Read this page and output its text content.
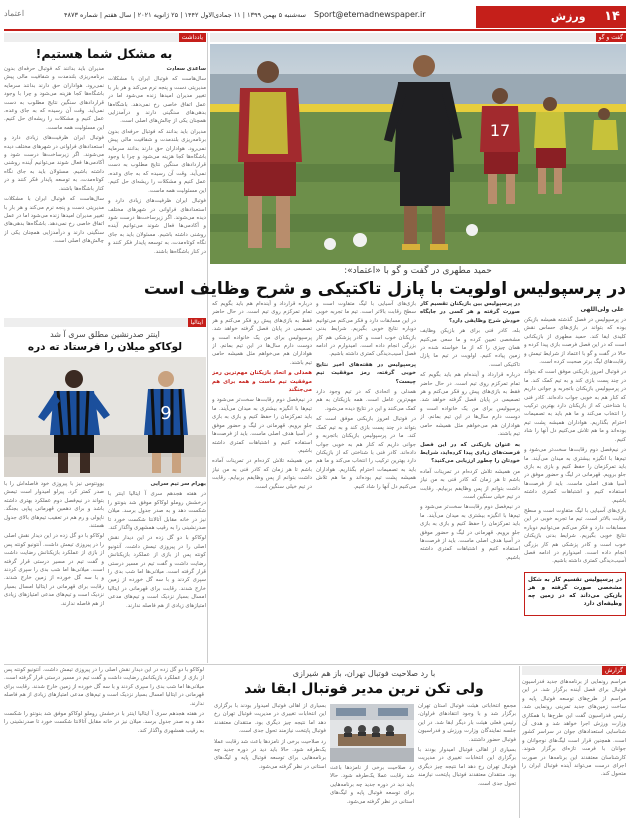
۱۴ ورزش
Sport@etemadnewspaper.ir
سه‌شنبه ۵ بهمن ۱۳۹۹ | ۱۱ جمادی‌الاول ۱۴۴۲ | ۲۵ ژانویه ۲۰۲۱ | سال هفتم | شماره ۴۸۷۳
اعتماد
یادداشت
به مشکل شما هستیم!

ساعدی سعادت

سال‌هاست که فوتبال ایران با مشکلات مدیریتی دست و پنجه نرم می‌کند و هر بار با تغییر مدیران امیدها زنده می‌شود اما در عمل اتفاق خاصی رخ نمی‌دهد. باشگاه‌ها بدهی‌های سنگینی دارند و درآمدزایی همچنان یکی از چالش‌های اصلی است.

مدیران باید بدانند که فوتبال حرفه‌ای بدون برنامه‌ریزی بلندمدت و شفافیت مالی پیش نمی‌رود. هواداران حق دارند بدانند سرمایه باشگاه‌ها کجا هزینه می‌شود و چرا با وجود قراردادهای سنگین نتایج مطلوب به دست نمی‌آید. وقت آن رسیده که به جای وعده، عمل کنیم و مشکلات را ریشه‌ای حل کنیم. این مسئولیت همه ماست.

فوتبال ایران ظرفیت‌های زیادی دارد و استعدادهای فراوانی در شهرهای مختلف دیده می‌شوند. اگر زیرساخت‌ها درست شود و آکادمی‌ها فعال شوند می‌توانیم آینده روشنی داشته باشیم. مسئولان باید به جای نگاه کوتاه‌مدت، به توسعه پایدار فکر کنند و در کنار باشگاه‌ها باشند.

مدیران باید بدانند که فوتبال حرفه‌ای بدون برنامه‌ریزی بلندمدت و شفافیت مالی پیش نمی‌رود. هواداران حق دارند بدانند سرمایه باشگاه‌ها کجا هزینه می‌شود و چرا با وجود قراردادهای سنگین نتایج مطلوب به دست نمی‌آید. وقت آن رسیده که به جای وعده، عمل کنیم و مشکلات را ریشه‌ای حل کنیم. این مسئولیت همه ماست.

فوتبال ایران ظرفیت‌های زیادی دارد و استعدادهای فراوانی در شهرهای مختلف دیده می‌شوند. اگر زیرساخت‌ها درست شود و آکادمی‌ها فعال شوند می‌توانیم آینده روشنی داشته باشیم. مسئولان باید به جای نگاه کوتاه‌مدت، به توسعه پایدار فکر کنند و در کنار باشگاه‌ها باشند.

سال‌هاست که فوتبال ایران با مشکلات مدیریتی دست و پنجه نرم می‌کند و هر بار با تغییر مدیران امیدها زنده می‌شود اما در عمل اتفاق خاصی رخ نمی‌دهد. باشگاه‌ها بدهی‌های سنگینی دارند و درآمدزایی همچنان یکی از چالش‌های اصلی است.

ایتالیا
اینتر صدرنشین مطلق سری آ شد
لوکاکو میلان را فرستاد ته دره
9

بهرام سر تیم سرایی

در هفته هجدهم سری آ ایتالیا اینتر با درخشش روملو لوکاکو موفق شد بنونتو را شکست دهد و به صدر جدول برسد. میلان نیز در خانه مقابل آتالانتا شکست خورد تا صدرنشینی را به رقیب همشهری واگذار کند.

لوکاکو با دو گل زده در این دیدار نقش اصلی را در پیروزی تیمش داشت. آنتونیو کونته پس از بازی از عملکرد بازیکنانش رضایت داشت و گفت تیم در مسیر درستی قرار گرفته است. میلانی‌ها اما شب بدی را سپری کردند و با سه گل خورده از زمین خارج شدند. رقابت برای قهرمانی در ایتالیا امسال بسیار نزدیک است و تیم‌های مدعی امتیازهای زیادی از هم فاصله ندارند.

یوونتوس نیز با پیروزی خود فاصله‌اش را با صدر کمتر کرد. پیرلو امیدوار است تیمش بتواند در نیم‌فصل دوم عملکرد بهتری داشته باشد و برای دهمین قهرمانی پیاپی بجنگد. ناپولی و رم هم در تعقیب تیم‌های بالای جدول هستند.

لوکاکو با دو گل زده در این دیدار نقش اصلی را در پیروزی تیمش داشت. آنتونیو کونته پس از بازی از عملکرد بازیکنانش رضایت داشت و گفت تیم در مسیر درستی قرار گرفته است. میلانی‌ها اما شب بدی را سپری کردند و با سه گل خورده از زمین خارج شدند. رقابت برای قهرمانی در ایتالیا امسال بسیار نزدیک است و تیم‌های مدعی امتیازهای زیادی از هم فاصله ندارند.

گفت و گو
17
حمید مطهری در گفت و گو با «اعتماد»:
در پرسپولیس اولویت با پازل تاکتیکی و شرح وظایف است
علی ولی‌اللهی

در پرسپولیس در فصل گذشته همیشه بازیکن بوده که بتواند در بازی‌های حساس نقش کلیدی ایفا کند. حمید مطهری از بازیکنانی است که در این فصل فرصت بازی پیدا کرده و حالا در گفت و گو با اعتماد از شرایط تیمش و رقابت‌های لیگ برتر صحبت کرده است.

در فوتبال امروز بازیکنی موفق است که بتواند در چند پست بازی کند و به تیم کمک کند. ما در پرسپولیس بازیکنان باتجربه و جوانی داریم که کنار هم به خوبی جواب داده‌اند. کادر فنی با شناختی که از بازیکنان دارد بهترین ترکیب را انتخاب می‌کند و ما هم باید به تصمیمات احترام بگذاریم. هواداران همیشه پشت تیم بوده‌اند و ما هم تلاش می‌کنیم دل آنها را شاد کنیم.

در نیم‌فصل دوم رقابت‌ها سخت‌تر می‌شود و تیم‌ها با انگیزه بیشتری به میدان می‌آیند. ما باید تمرکزمان را حفظ کنیم و بازی به بازی جلو برویم. قهرمانی در لیگ و حضور موفق در آسیا هدف اصلی ماست. باید از فرصت‌ها استفاده کنیم و اشتباهات کمتری داشته باشیم.

بازی‌های آسیایی با لیگ متفاوت است و سطح رقابت بالاتر است. تیم ما تجربه خوبی در این مسابقات دارد و فکر می‌کنم می‌توانیم دوباره نتایج خوبی بگیریم. شرایط بدنی بازیکنان خوب است و کادر پزشکی هم کار بزرگی انجام داده است. امیدوارم در ادامه فصل آسیب‌دیدگی کمتری داشته باشیم.

در پرسپولیس تقسیم کار به شکل مشخصی صورت گرفته و هر بازیکن می‌داند که در زمین چه وظیفه‌ای دارد

در پرسپولیس بین بازیکنان تقسیم کار صورت گرفته و هر کسی در جایگاه خودش شرح وظایفی دارد؟

بله، کادر فنی برای هر بازیکن وظایف مشخصی تعیین کرده و ما سعی می‌کنیم همان چیزی را که از ما خواسته شده در زمین پیاده کنیم. اولویت در تیم ما پازل تاکتیکی است.

درباره قرارداد و آینده‌ام هم باید بگویم که تمام تمرکزم روی تیم است. در حال حاضر فقط به بازی‌های پیش رو فکر می‌کنم و هر تصمیمی در پایان فصل گرفته خواهد شد. پرسپولیس برای من یک خانواده است و دوست دارم سال‌ها در این تیم بمانم. از هواداران هم می‌خواهم مثل همیشه حامی تیم باشند.

به عنوان بازیکنی که در این فصل فرصت‌های زیادی پیدا کرده‌اید، شرایط خودتان را چطور ارزیابی می‌کنید؟

من همیشه تلاش کرده‌ام در تمرینات آماده باشم تا هر زمان که کادر فنی به من نیاز داشت بتوانم از پس وظایفم بربیایم. رقابت در تیم خیلی سنگین است.

در نیم‌فصل دوم رقابت‌ها سخت‌تر می‌شود و تیم‌ها با انگیزه بیشتری به میدان می‌آیند. ما باید تمرکزمان را حفظ کنیم و بازی به بازی جلو برویم. قهرمانی در لیگ و حضور موفق در آسیا هدف اصلی ماست. باید از فرصت‌ها استفاده کنیم و اشتباهات کمتری داشته باشیم.

بازی‌های آسیایی با لیگ متفاوت است و سطح رقابت بالاتر است. تیم ما تجربه خوبی در این مسابقات دارد و فکر می‌کنم می‌توانیم دوباره نتایج خوبی بگیریم. شرایط بدنی بازیکنان خوب است و کادر پزشکی هم کار بزرگی انجام داده است. امیدوارم در ادامه فصل آسیب‌دیدگی کمتری داشته باشیم.

پرسپولیس در هفته‌های اخیر نتایج خوبی گرفته، رمز موفقیت تیم چیست؟

همدلی و اتحادی که در تیم وجود دارد مهم‌ترین عامل است. همه بازیکنان به هم کمک می‌کنند و این در نتایج دیده می‌شود.

در فوتبال امروز بازیکنی موفق است که بتواند در چند پست بازی کند و به تیم کمک کند. ما در پرسپولیس بازیکنان باتجربه و جوانی داریم که کنار هم به خوبی جواب داده‌اند. کادر فنی با شناختی که از بازیکنان دارد بهترین ترکیب را انتخاب می‌کند و ما هم باید به تصمیمات احترام بگذاریم. هواداران همیشه پشت تیم بوده‌اند و ما هم تلاش می‌کنیم دل آنها را شاد کنیم.

درباره قرارداد و آینده‌ام هم باید بگویم که تمام تمرکزم روی تیم است. در حال حاضر فقط به بازی‌های پیش رو فکر می‌کنم و هر تصمیمی در پایان فصل گرفته خواهد شد. پرسپولیس برای من یک خانواده است و دوست دارم سال‌ها در این تیم بمانم. از هواداران هم می‌خواهم مثل همیشه حامی تیم باشند.

همدلی و اتحاد بازیکنان مهم‌ترین رمز موفقیت تیم ماست و همه برای هم می‌جنگند

در نیم‌فصل دوم رقابت‌ها سخت‌تر می‌شود و تیم‌ها با انگیزه بیشتری به میدان می‌آیند. ما باید تمرکزمان را حفظ کنیم و بازی به بازی جلو برویم. قهرمانی در لیگ و حضور موفق در آسیا هدف اصلی ماست. باید از فرصت‌ها استفاده کنیم و اشتباهات کمتری داشته باشیم.

من همیشه تلاش کرده‌ام در تمرینات آماده باشم تا هر زمان که کادر فنی به من نیاز داشت بتوانم از پس وظایفم بربیایم. رقابت در تیم خیلی سنگین است.

گزارش
مراسم رونمایی از برنامه‌های جدید فدراسیون فوتبال برای فصل آینده برگزار شد. در این مراسم از طرح‌های توسعه فوتبال پایه و ساخت زمین‌های جدید تمرینی رونمایی شد. رئیس فدراسیون گفت این طرح‌ها با همکاری وزارت ورزش اجرا خواهد شد و هدف آن شناسایی استعدادهای جوان در سراسر کشور است. همچنین قرار است لیگ‌های نوجوانان و جوانان با فرمت تازه‌ای برگزار شوند. کارشناسان معتقدند این برنامه‌ها در صورت اجرای درست می‌تواند آینده فوتبال ایران را متحول کند.
با رد صلاحیت فوتبال تهران، باز هم شیرازی
ولی تکن ترین مدیر فوتبال ابقا شد

مجمع انتخاباتی هیئت فوتبال استان تهران برگزار شد و با وجود انتقادهای فراوان، رئیس فعلی هیئت بار دیگر ابقا شد. در این جلسه نمایندگان وزارت ورزش و فدراسیون فوتبال حضور داشتند.

بسیاری از اهالی فوتبال امیدوار بودند با برگزاری این انتخابات تغییری در مدیریت فوتبال تهران رخ دهد اما نتیجه چیز دیگری بود. منتقدان معتقدند فوتبال پایتخت نیازمند تحول جدی است.

رد صلاحیت برخی از نامزدها باعث شد رقابت عملا یک‌طرفه شود. حالا باید دید در دوره جدید چه برنامه‌هایی برای توسعه فوتبال پایه و لیگ‌های استانی در نظر گرفته می‌شود.

بسیاری از اهالی فوتبال امیدوار بودند با برگزاری این انتخابات تغییری در مدیریت فوتبال تهران رخ دهد اما نتیجه چیز دیگری بود. منتقدان معتقدند فوتبال پایتخت نیازمند تحول جدی است.

رد صلاحیت برخی از نامزدها باعث شد رقابت عملا یک‌طرفه شود. حالا باید دید در دوره جدید چه برنامه‌هایی برای توسعه فوتبال پایه و لیگ‌های استانی در نظر گرفته می‌شود.

لوکاکو با دو گل زده در این دیدار نقش اصلی را در پیروزی تیمش داشت. آنتونیو کونته پس از بازی از عملکرد بازیکنانش رضایت داشت و گفت تیم در مسیر درستی قرار گرفته است. میلانی‌ها اما شب بدی را سپری کردند و با سه گل خورده از زمین خارج شدند. رقابت برای قهرمانی در ایتالیا امسال بسیار نزدیک است و تیم‌های مدعی امتیازهای زیادی از هم فاصله ندارند.

در هفته هجدهم سری آ ایتالیا اینتر با درخشش روملو لوکاکو موفق شد بنونتو را شکست دهد و به صدر جدول برسد. میلان نیز در خانه مقابل آتالانتا شکست خورد تا صدرنشینی را به رقیب همشهری واگذار کند.
